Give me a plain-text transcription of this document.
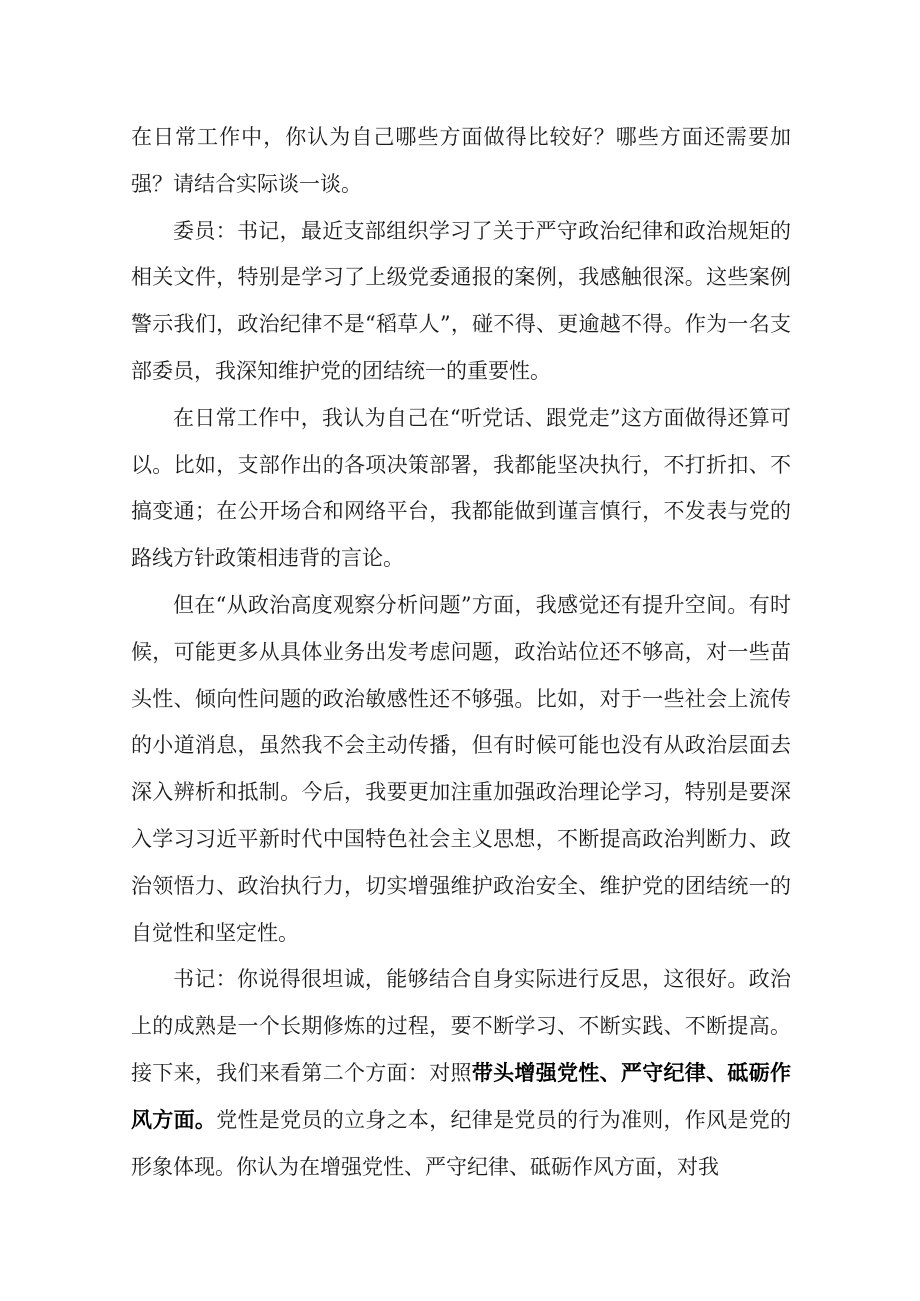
在日常工作中，你认为自己哪些方面做得比较好？哪些方面还需要加强？请结合实际谈一谈。

委员：书记，最近支部组织学习了关于严守政治纪律和政治规矩的相关文件，特别是学习了上级党委通报的案例，我感触很深。这些案例警示我们，政治纪律不是“稻草人”，碰不得、更逾越不得。作为一名支部委员，我深知维护党的团结统一的重要性。

在日常工作中，我认为自己在“听党话、跟党走”这方面做得还算可以。比如，支部作出的各项决策部署，我都能坚决执行，不打折扣、不搞变通；在公开场合和网络平台，我都能做到谨言慎行，不发表与党的路线方针政策相违背的言论。

但在“从政治高度观察分析问题”方面，我感觉还有提升空间。有时候，可能更多从具体业务出发考虑问题，政治站位还不够高，对一些苗头性、倾向性问题的政治敏感性还不够强。比如，对于一些社会上流传的小道消息，虽然我不会主动传播，但有时候可能也没有从政治层面去深入辨析和抵制。今后，我要更加注重加强政治理论学习，特别是要深入学习习近平新时代中国特色社会主义思想，不断提高政治判断力、政治领悟力、政治执行力，切实增强维护政治安全、维护党的团结统一的自觉性和坚定性。

书记：你说得很坦诚，能够结合自身实际进行反思，这很好。政治上的成熟是一个长期修炼的过程，要不断学习、不断实践、不断提高。接下来，我们来看第二个方面：对照带头增强党性、严守纪律、砥砺作风方面。党性是党员的立身之本，纪律是党员的行为准则，作风是党的形象体现。你认为在增强党性、严守纪律、砥砺作风方面，对我
